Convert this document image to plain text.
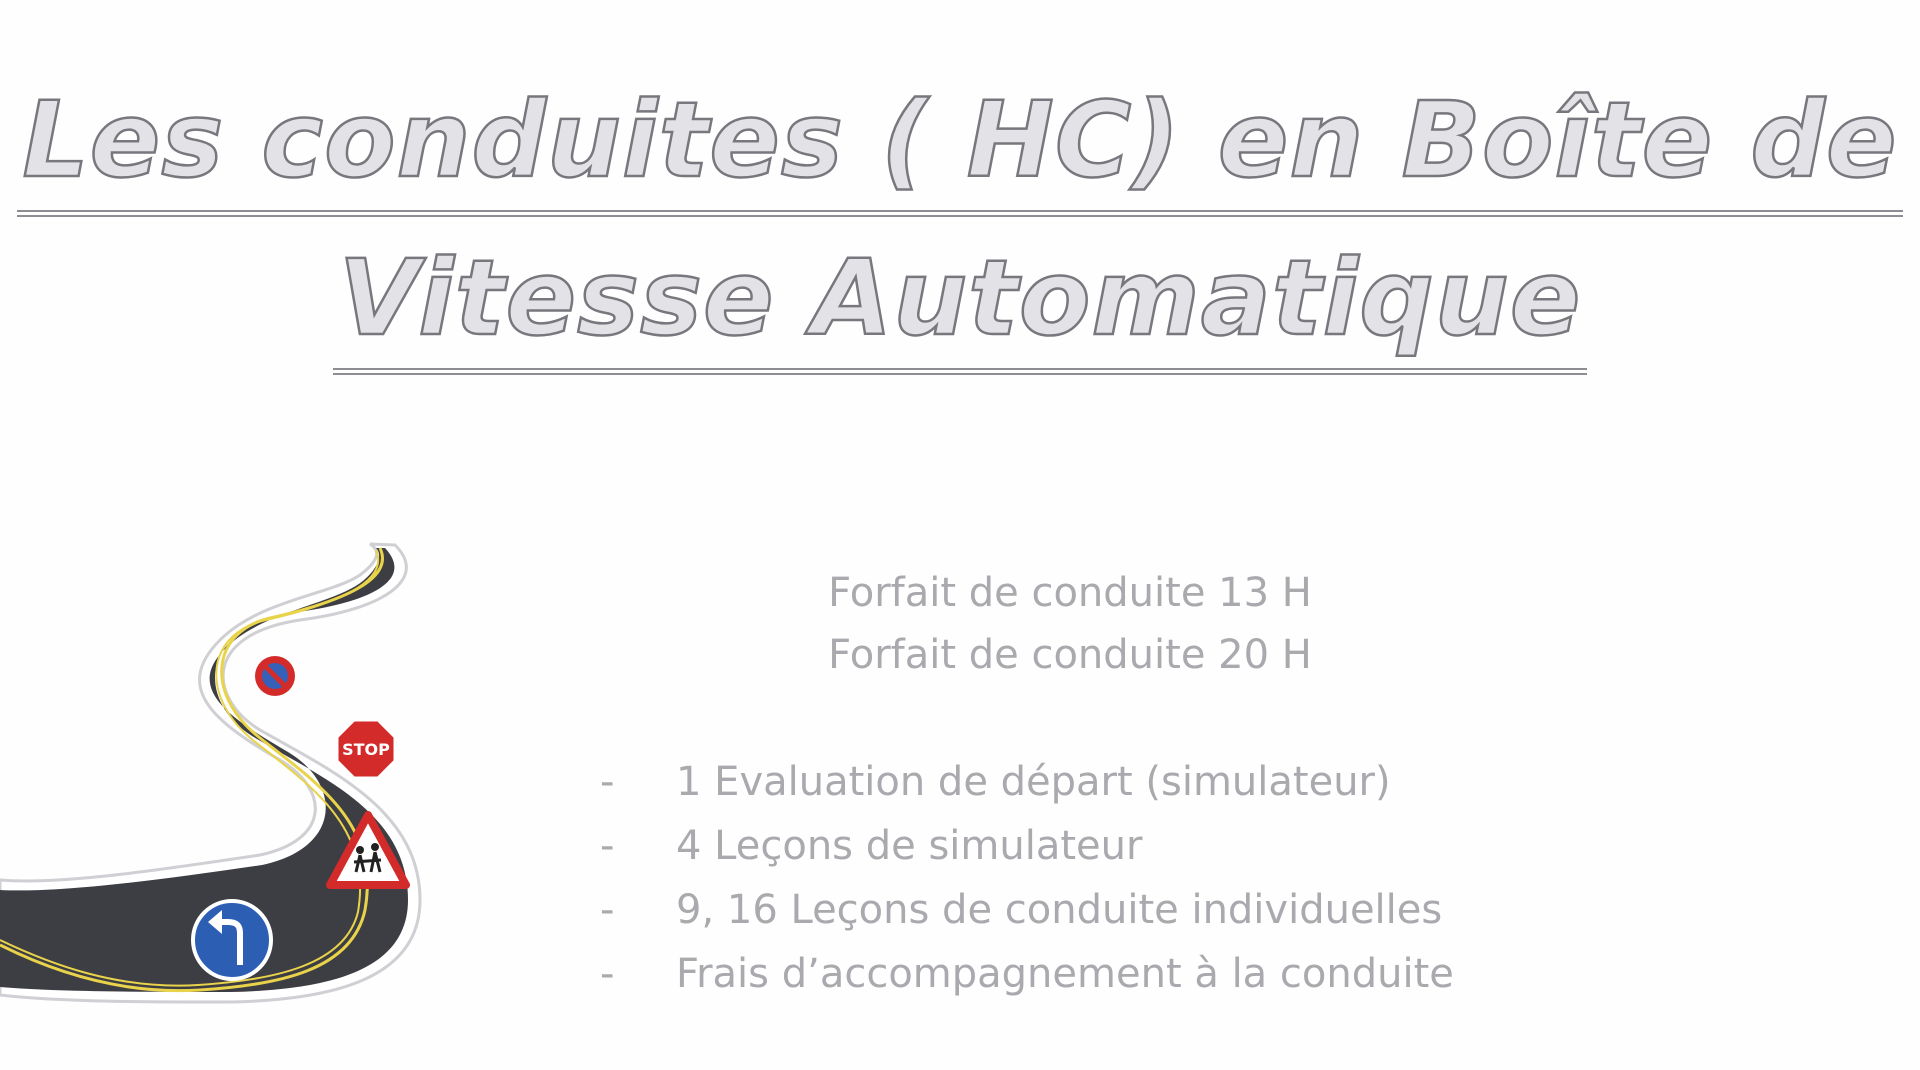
Les conduites ( HC) en Boîte de
Vitesse Automatique
STOP
Forfait de conduite 13 H
Forfait de conduite 20 H
- 1 Evaluation de départ (simulateur)
- 4 Leçons de simulateur
- 9, 16 Leçons de conduite individuelles
- Frais d’accompagnement à la conduite
